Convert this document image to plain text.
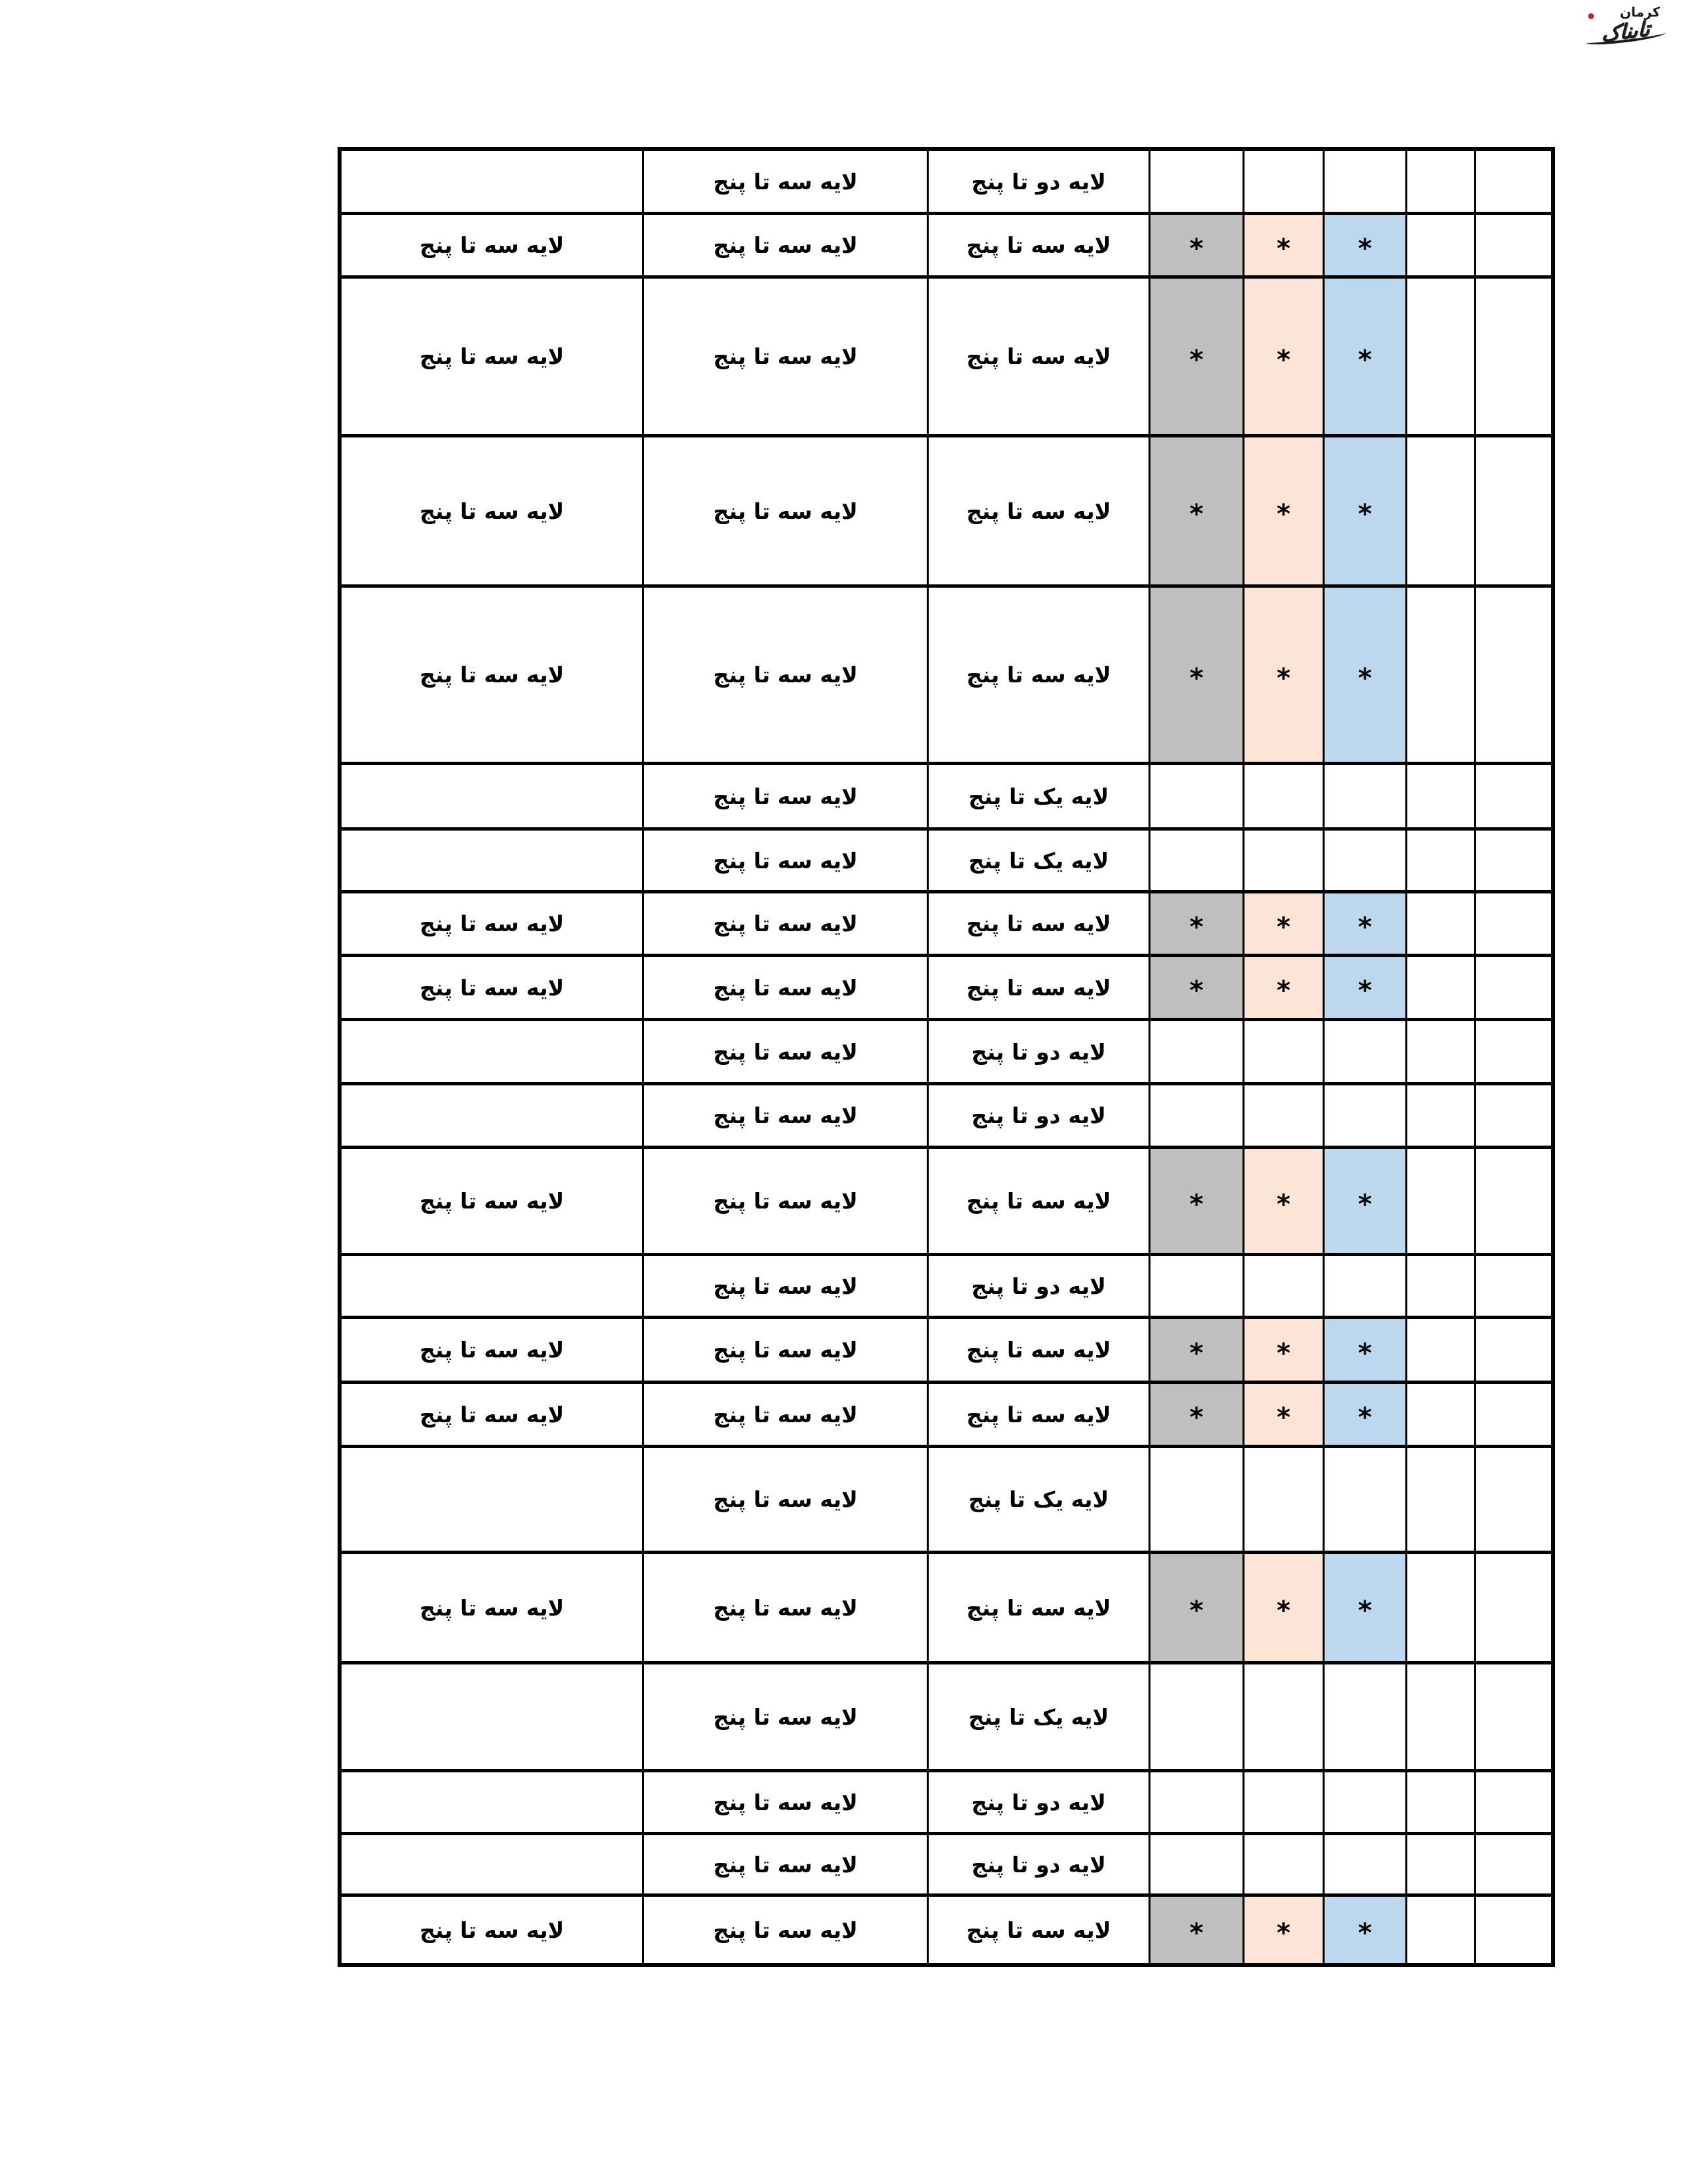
کرمان
تابناک
لایه سه تا پنج	لایه دو تا پنج
لایه سه تا پنج	لایه سه تا پنج	لایه سه تا پنج	*	*	*
لایه سه تا پنج	لایه سه تا پنج	لایه سه تا پنج	*	*	*
لایه سه تا پنج	لایه سه تا پنج	لایه سه تا پنج	*	*	*
لایه سه تا پنج	لایه سه تا پنج	لایه سه تا پنج	*	*	*
لایه سه تا پنج	لایه یک تا پنج
لایه سه تا پنج	لایه یک تا پنج
لایه سه تا پنج	لایه سه تا پنج	لایه سه تا پنج	*	*	*
لایه سه تا پنج	لایه سه تا پنج	لایه سه تا پنج	*	*	*
لایه سه تا پنج	لایه دو تا پنج
لایه سه تا پنج	لایه دو تا پنج
لایه سه تا پنج	لایه سه تا پنج	لایه سه تا پنج	*	*	*
لایه سه تا پنج	لایه دو تا پنج
لایه سه تا پنج	لایه سه تا پنج	لایه سه تا پنج	*	*	*
لایه سه تا پنج	لایه سه تا پنج	لایه سه تا پنج	*	*	*
لایه سه تا پنج	لایه یک تا پنج
لایه سه تا پنج	لایه سه تا پنج	لایه سه تا پنج	*	*	*
لایه سه تا پنج	لایه یک تا پنج
لایه سه تا پنج	لایه دو تا پنج
لایه سه تا پنج	لایه دو تا پنج
لایه سه تا پنج	لایه سه تا پنج	لایه سه تا پنج	*	*	*
